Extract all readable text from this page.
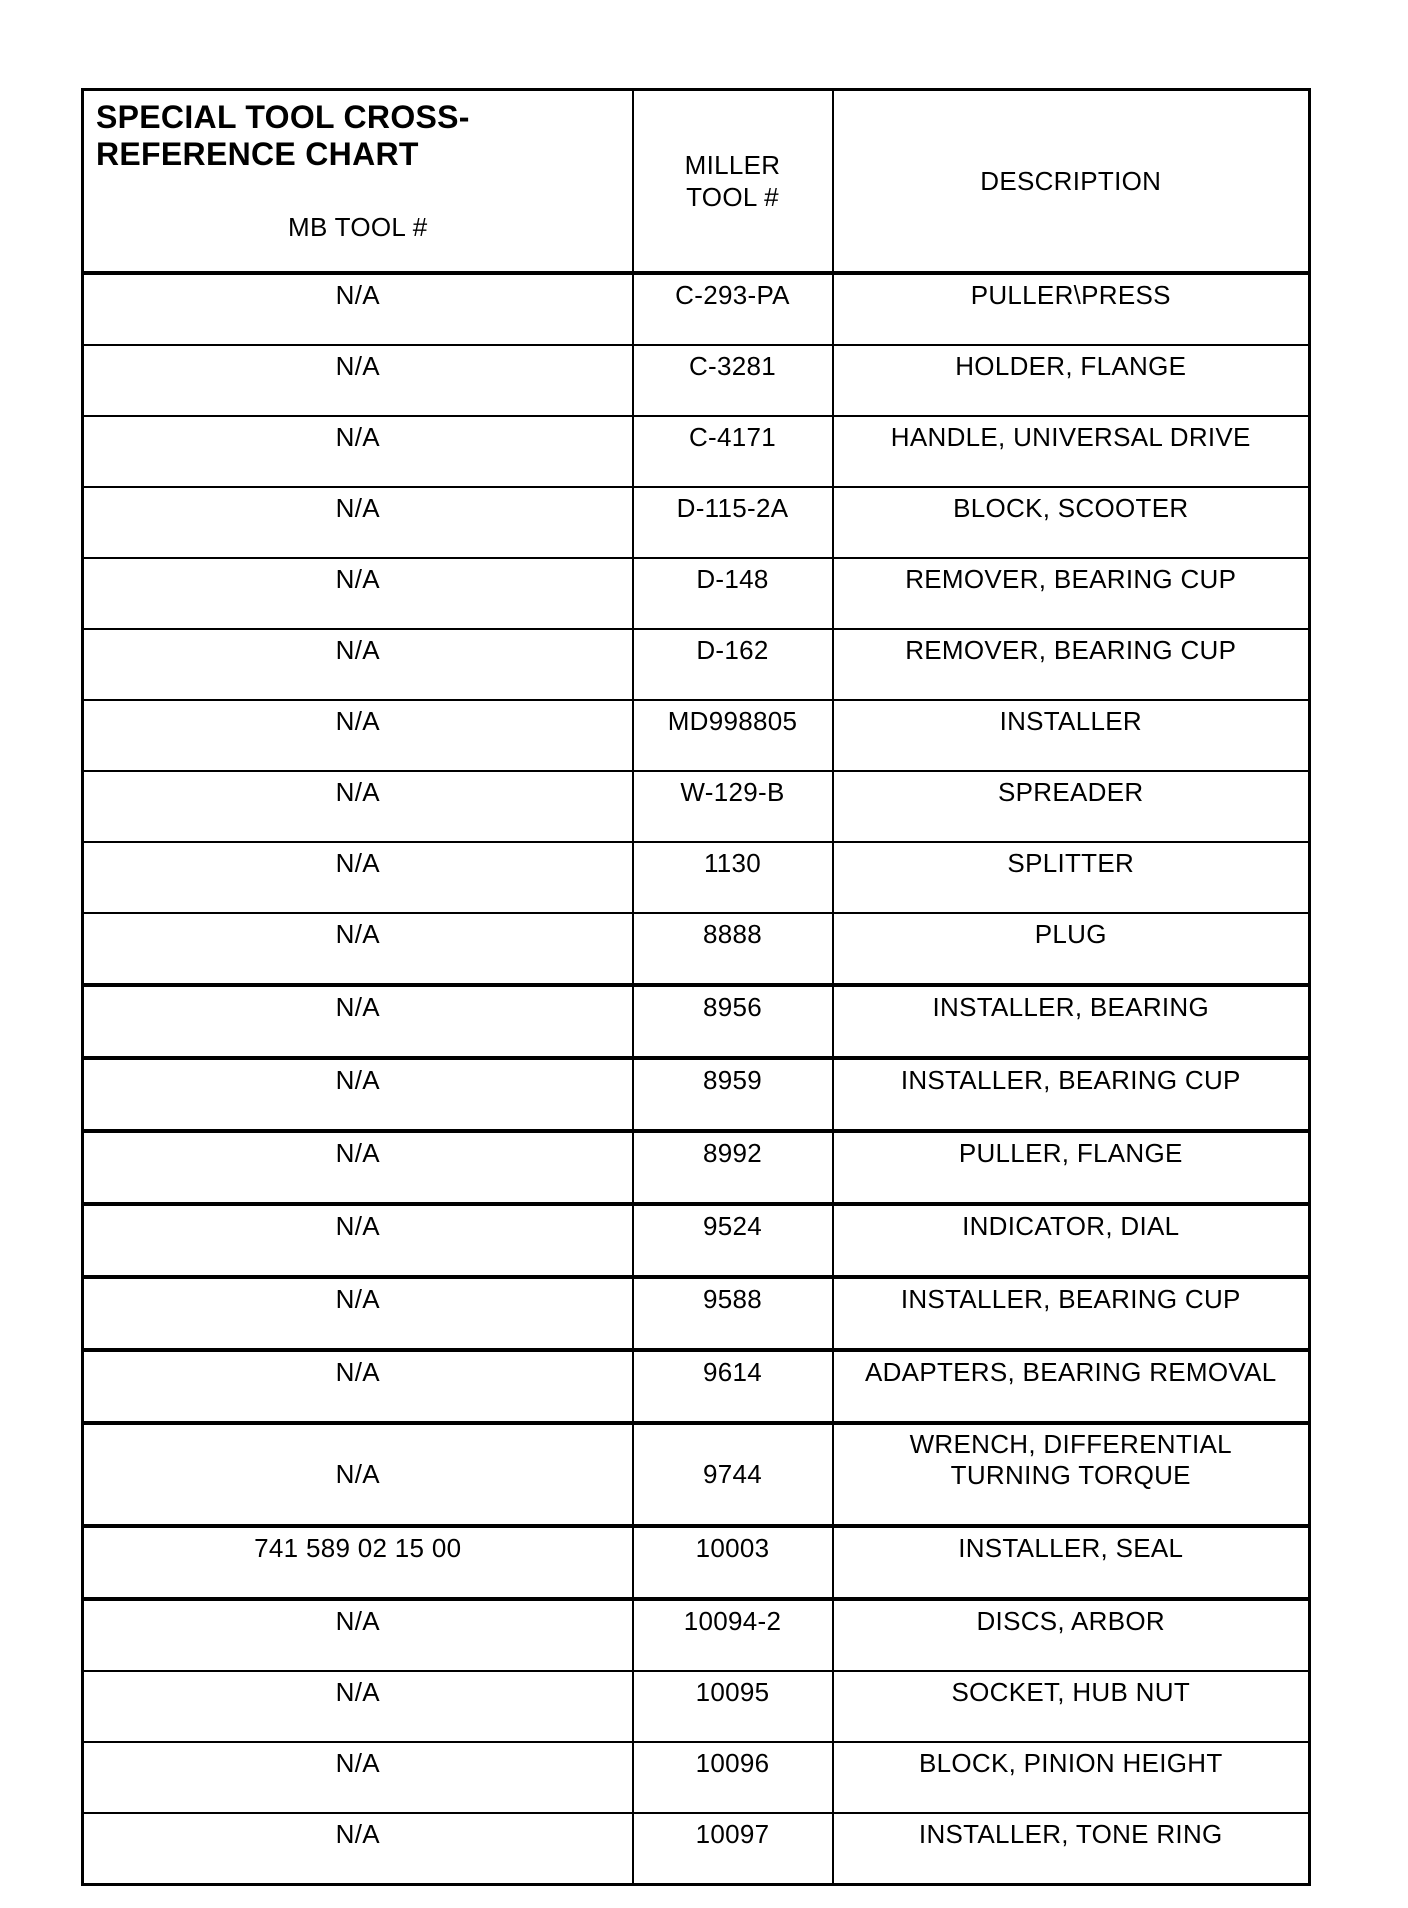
SPECIAL TOOL CROSS-REFERENCE CHART
MB TOOL #	MILLER TOOL #	DESCRIPTION
N/A	C-293-PA	PULLER\PRESS
N/A	C-3281	HOLDER, FLANGE
N/A	C-4171	HANDLE, UNIVERSAL DRIVE
N/A	D-115-2A	BLOCK, SCOOTER
N/A	D-148	REMOVER, BEARING CUP
N/A	D-162	REMOVER, BEARING CUP
N/A	MD998805	INSTALLER
N/A	W-129-B	SPREADER
N/A	1130	SPLITTER
N/A	8888	PLUG
N/A	8956	INSTALLER, BEARING
N/A	8959	INSTALLER, BEARING CUP
N/A	8992	PULLER, FLANGE
N/A	9524	INDICATOR, DIAL
N/A	9588	INSTALLER, BEARING CUP
N/A	9614	ADAPTERS, BEARING REMOVAL
N/A	9744	WRENCH, DIFFERENTIAL TURNING TORQUE
741 589 02 15 00	10003	INSTALLER, SEAL
N/A	10094-2	DISCS, ARBOR
N/A	10095	SOCKET, HUB NUT
N/A	10096	BLOCK, PINION HEIGHT
N/A	10097	INSTALLER, TONE RING
